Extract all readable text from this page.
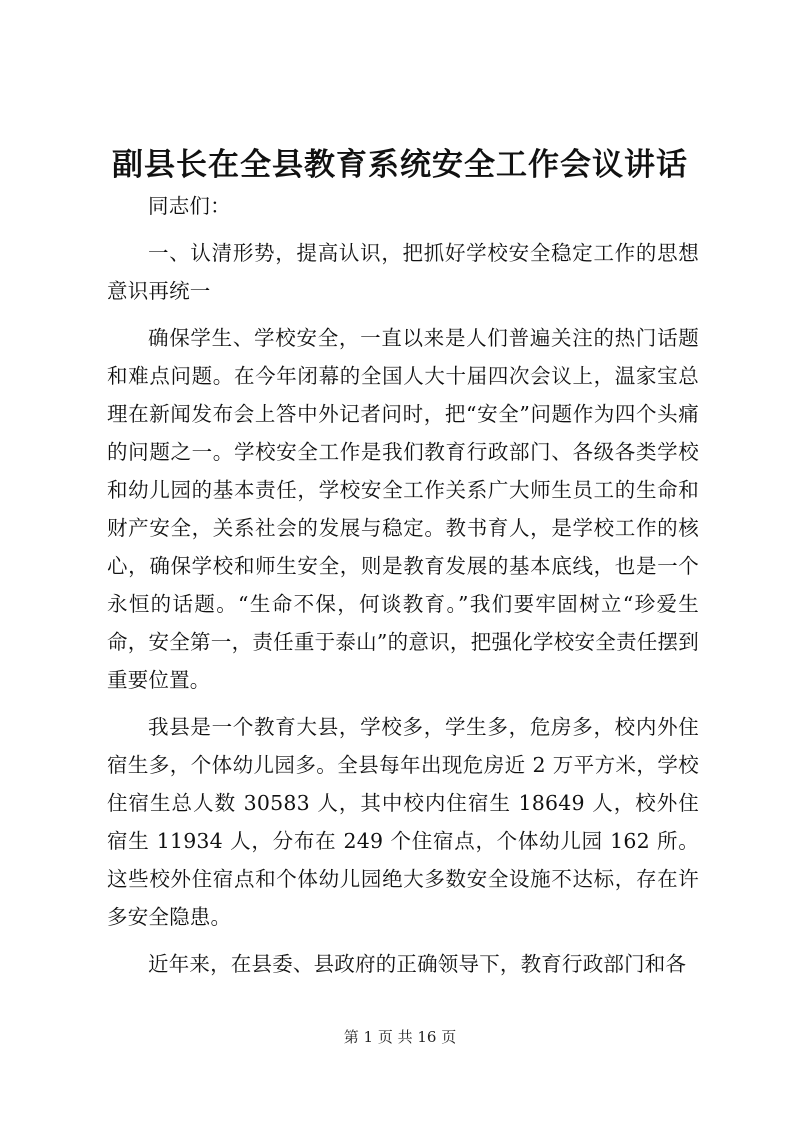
副县长在全县教育系统安全工作会议讲话

同志们：

一、认清形势，提高认识，把抓好学校安全稳定工作的思想意识再统一

确保学生、学校安全，一直以来是人们普遍关注的热门话题和难点问题。在今年闭幕的全国人大十届四次会议上，温家宝总理在新闻发布会上答中外记者问时，把“安全”问题作为四个头痛的问题之一。学校安全工作是我们教育行政部门、各级各类学校和幼儿园的基本责任，学校安全工作关系广大师生员工的生命和财产安全，关系社会的发展与稳定。教书育人，是学校工作的核心，确保学校和师生安全，则是教育发展的基本底线，也是一个永恒的话题。“生命不保，何谈教育。”我们要牢固树立“珍爱生命，安全第一，责任重于泰山”的意识，把强化学校安全责任摆到重要位置。

我县是一个教育大县，学校多，学生多，危房多，校内外住宿生多，个体幼儿园多。全县每年出现危房近 2 万平方米，学校住宿生总人数 30583 人，其中校内住宿生 18649 人，校外住宿生 11934 人，分布在 249 个住宿点，个体幼儿园 162 所。这些校外住宿点和个体幼儿园绝大多数安全设施不达标，存在许多安全隐患。

近年来，在县委、县政府的正确领导下，教育行政部门和各

第 1 页 共 16 页
